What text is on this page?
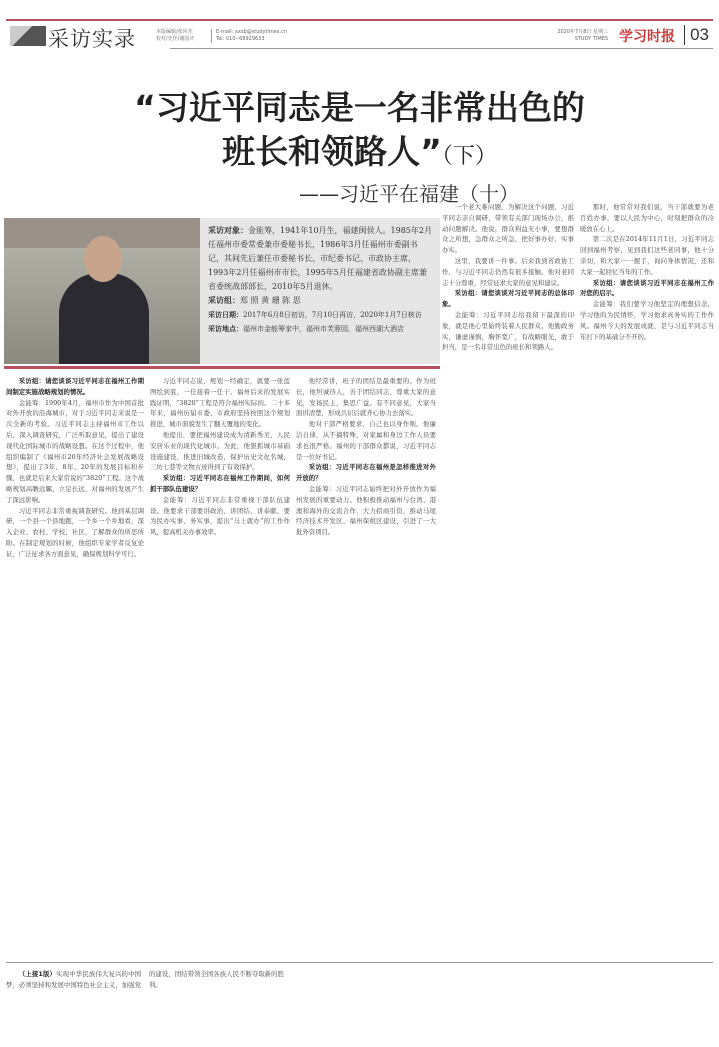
采访实录	本版编辑/张同杰
校对/史佳/谢国庆
E-mail: xxsb@studytimes.cn
Tel: 010--68929633
2020年7月8日 星期三
STUDY TIMES 学习时报 03
“习近平同志是一名非常出色的
班长和领路人”（下）
——习近平在福建（十）
采访对象：金能筹，1941年10月生，福建闽侯人。1985年2月任福州市委常委兼市委秘书长，1986年3月任福州市委副书记，其间先后兼任市委秘书长、市纪委书记、市政协主席，1993年2月任福州市市长，1995年5月任福建省政协副主席兼省委统战部部长，2010年5月退休。
采访组：郑 照 黄 珊 陈 思
采访日期：2017年6月8日初访，7月10日再访，2020年1月7日核访
采访地点：福州市金能筹家中，福州市芙蓉园，福州西湖大酒店

采访组：请您谈谈习近平同志在福州工作期间制定实施战略规划的情况。

金能筹：1990年4月，福州市作为中国首批对外开放的沿海城市，对于习近平同志来说是一次全新的考验。习近平同志主持福州市工作以后，深入调查研究，广泛听取意见，提出了建设现代化国际城市的战略设想。在这个过程中，他组织编制了《福州市20年经济社会发展战略设想》，提出了3年、8年、20年的发展目标和步骤，也就是后来大家常说的“3820”工程。这个战略规划高瞻远瞩、立足长远，对福州的发展产生了深远影响。

习近平同志非常重视调查研究。他到基层调研，一个县一个县地跑，一个乡一个乡地看，深入企业、农村、学校、社区，了解群众的所思所盼。在制定规划的时候，他组织专家学者反复论证，广泛征求各方面意见，确保规划科学可行。

习近平同志说，规划一经确定，就要一张蓝图绘到底，一任接着一任干。福州后来的发展实践证明，“3820”工程是符合福州实际的。二十多年来，福州历届市委、市政府坚持按照这个规划推进，城市面貌发生了翻天覆地的变化。

他提出，要把福州建设成为清新秀美、人民安居乐业的现代化城市。为此，他狠抓城市基础设施建设，推进旧城改造，保护历史文化名城，三坊七巷等文物古迹得到了有效保护。

采访组：习近平同志在福州工作期间，如何抓干部队伍建设？

金能筹：习近平同志非常重视干部队伍建设。他要求干部要讲政治、讲团结、讲奉献，要为民办实事、务实事，提出“马上就办”的工作作风，提高机关办事效率。

他经常讲，班子的团结是最重要的。作为班长，他坦诚待人，善于团结同志，尊重大家的意见，发扬民主，集思广益。有不同意见，大家当面讲清楚，形成共识后就齐心协力去落实。

他对干部严格要求，自己也以身作则。他廉洁自律，从不搞特殊，对家属和身边工作人员要求也很严格。福州的干部群众都说，习近平同志是一位好书记。

采访组：习近平同志在福州是怎样推进对外开放的？

金能筹：习近平同志始终把对外开放作为福州发展的重要动力。他积极推动福州与台湾、港澳和海外的交流合作，大力招商引资，推动马尾经济技术开发区、福州保税区建设，引进了一大批外资项目。

一个老大难问题，为解决这个问题，习近平同志亲自调研，带领有关部门现场办公，推动问题解决。他说，群众利益无小事，要想群众之所想，急群众之所急，把好事办好、实事办实。

这里，我要讲一件事。后来我到省政协工作，与习近平同志仍然有很多接触。他对老同志十分尊重，经常征求大家的意见和建议。

采访组：请您谈谈对习近平同志的总体印象。

金能筹：习近平同志给我留下最深的印象，就是他心里始终装着人民群众。他勤政务实，谦虚谨慎，胸怀宽广，有战略眼光，敢于担当，是一名非常出色的班长和领路人。

那时，他常常对我们说，当干部就要为老百姓办事，要以人民为中心，时刻把群众的冷暖放在心上。

第二次是在2014年11月1日，习近平同志回到福州考察，见到我们这些老同事，他十分亲切，和大家一一握手，询问身体情况，还和大家一起回忆当年的工作。

采访组：请您谈谈习近平同志在福州工作对您的启示。

金能筹：我们要学习他坚定的理想信念，学习他的为民情怀，学习他求真务实的工作作风。福州今天的发展成就，是与习近平同志当年打下的基础分不开的。

（上接1版）实现中华民族伟大复兴的中国梦，必须坚持和发展中国特色社会主义，加强党的建设，团结带领全国各族人民不断夺取新的胜利。
